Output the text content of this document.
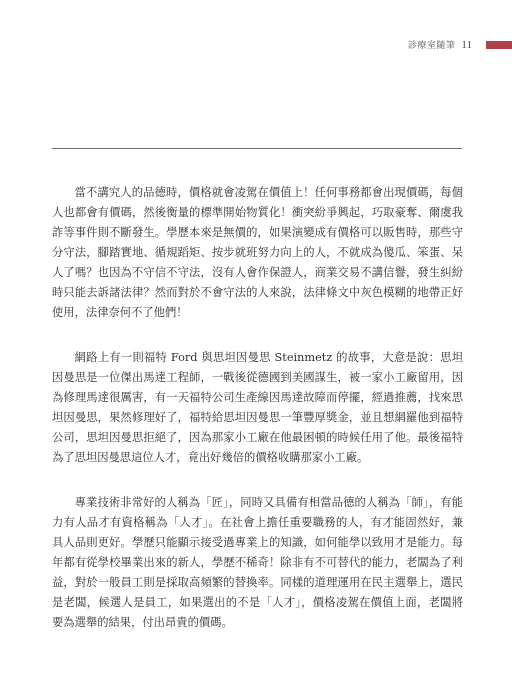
診療室隨筆 11

當不講究人的品德時，價格就會凌駕在價值上！任何事務都會出現價碼，每個人也都會有價碼，然後衡量的標準開始物質化！衝突紛爭興起，巧取豪奪、爾虞我詐等事件則不斷發生。學歷本來是無價的，如果演變成有價格可以販售時，那些守分守法，腳踏實地、循規蹈矩、按步就班努力向上的人，不就成為傻瓜、笨蛋、呆人了嗎？也因為不守信不守法，沒有人會作保證人，商業交易不講信譽，發生糾紛時只能去訴諸法律？然而對於不會守法的人來說，法律條文中灰色模糊的地帶正好使用，法律奈何不了他們！

網路上有一則福特 Ford 與思坦因曼思 Steinmetz 的故事，大意是說：思坦因曼思是一位傑出馬達工程師，一戰後從德國到美國謀生，被一家小工廠留用，因為修理馬達很厲害，有一天福特公司生產線因馬達故障而停擺，經過推薦，找來思坦因曼思，果然修理好了，福特給思坦因曼思一筆豐厚獎金，並且想網羅他到福特公司，思坦因曼思拒絕了，因為那家小工廠在他最困頓的時候任用了他。最後福特為了思坦因曼思這位人才，竟出好幾倍的價格收購那家小工廠。

專業技術非常好的人稱為「匠」，同時又具備有相當品德的人稱為「師」，有能力有人品才有資格稱為「人才」。在社會上擔任重要職務的人，有才能固然好，兼具人品則更好。學歷只能顯示接受過專業上的知識，如何能學以致用才是能力。每年都有從學校畢業出來的新人，學歷不稀奇！除非有不可替代的能力，老闆為了利益，對於一般員工則是採取高頻繁的替換率。同樣的道理運用在民主選舉上，選民是老闆，候選人是員工，如果選出的不是「人才」，價格凌駕在價值上面，老闆將要為選舉的結果，付出昂貴的價碼。
